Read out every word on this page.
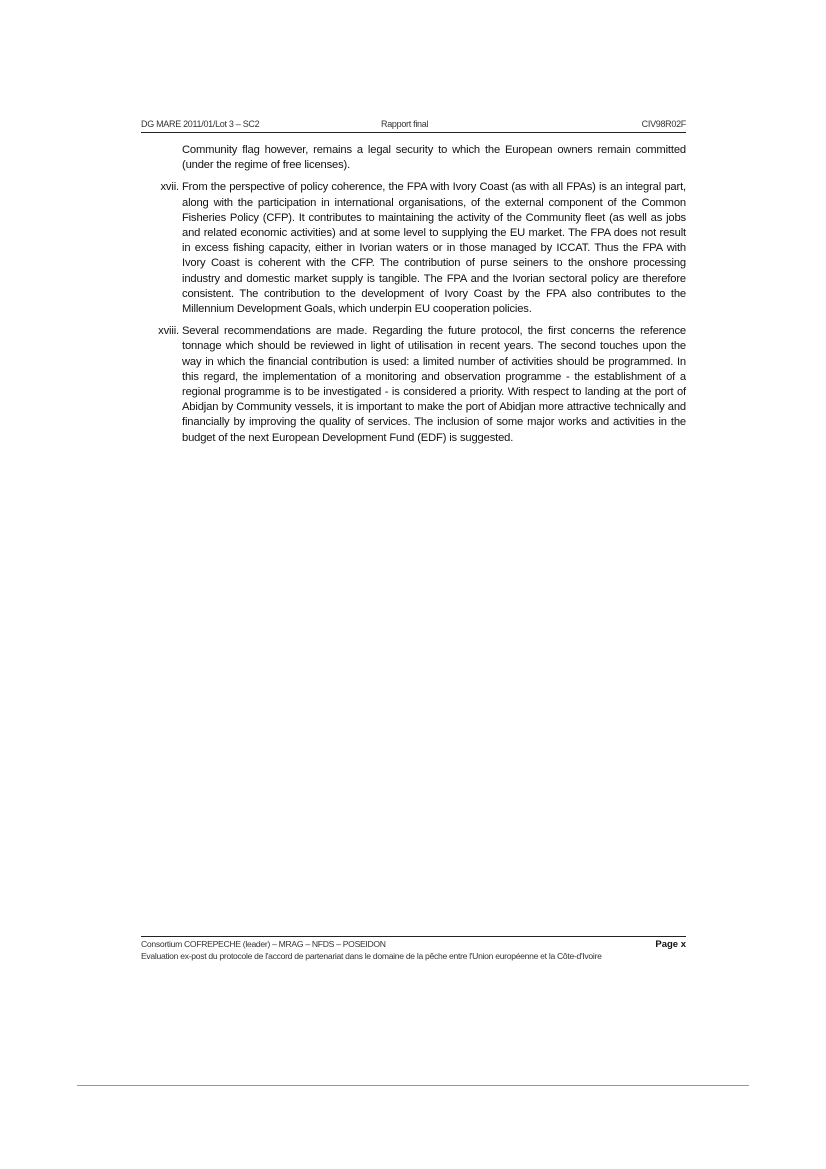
DG MARE 2011/01/Lot 3 – SC2	Rapport final	CIV98R02F

Community flag however, remains a legal security to which the European owners remain committed (under the regime of free licenses).

xvii. From the perspective of policy coherence, the FPA with Ivory Coast (as with all FPAs) is an integral part, along with the participation in international organisations, of the external component of the Common Fisheries Policy (CFP). It contributes to maintaining the activity of the Community fleet (as well as jobs and related economic activities) and at some level to supplying the EU market. The FPA does not result in excess fishing capacity, either in Ivorian waters or in those managed by ICCAT. Thus the FPA with Ivory Coast is coherent with the CFP. The contribution of purse seiners to the onshore processing industry and domestic market supply is tangible. The FPA and the Ivorian sectoral policy are therefore consistent. The contribution to the development of Ivory Coast by the FPA also contributes to the Millennium Development Goals, which underpin EU cooperation policies.

xviii. Several recommendations are made. Regarding the future protocol, the first concerns the reference tonnage which should be reviewed in light of utilisation in recent years. The second touches upon the way in which the financial contribution is used: a limited number of activities should be programmed. In this regard, the implementation of a monitoring and observation programme - the establishment of a regional programme is to be investigated - is considered a priority. With respect to landing at the port of Abidjan by Community vessels, it is important to make the port of Abidjan more attractive technically and financially by improving the quality of services. The inclusion of some major works and activities in the budget of the next European Development Fund (EDF) is suggested.

Consortium COFREPECHE (leader) – MRAG – NFDS – POSEIDON	Page x
Evaluation ex-post du protocole de l'accord de partenariat dans le domaine de la pêche entre l'Union européenne et la Côte-d'Ivoire
